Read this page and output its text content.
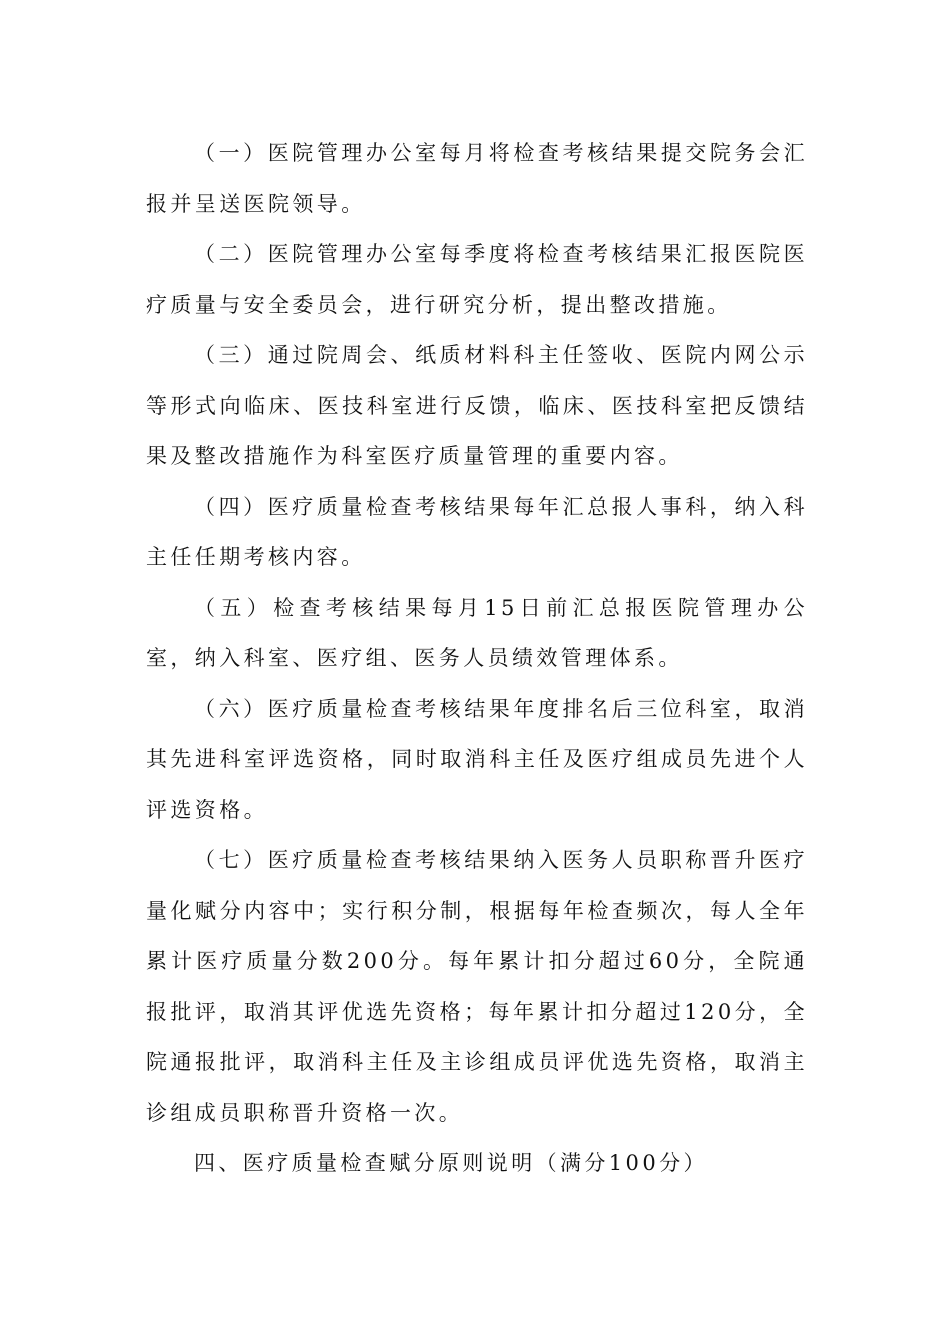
（一）医院管理办公室每月将检查考核结果提交院务会汇报并呈送医院领导。

（二）医院管理办公室每季度将检查考核结果汇报医院医疗质量与安全委员会，进行研究分析，提出整改措施。

（三）通过院周会、纸质材料科主任签收、医院内网公示等形式向临床、医技科室进行反馈，临床、医技科室把反馈结果及整改措施作为科室医疗质量管理的重要内容。

（四）医疗质量检查考核结果每年汇总报人事科，纳入科主任任期考核内容。

（五）检查考核结果每月15日前汇总报医院管理办公室，纳入科室、医疗组、医务人员绩效管理体系。

（六）医疗质量检查考核结果年度排名后三位科室，取消其先进科室评选资格，同时取消科主任及医疗组成员先进个人评选资格。

（七）医疗质量检查考核结果纳入医务人员职称晋升医疗量化赋分内容中；实行积分制，根据每年检查频次，每人全年累计医疗质量分数200分。每年累计扣分超过60分，全院通报批评，取消其评优选先资格；每年累计扣分超过120分，全院通报批评，取消科主任及主诊组成员评优选先资格，取消主诊组成员职称晋升资格一次。

四、医疗质量检查赋分原则说明（满分100分）
